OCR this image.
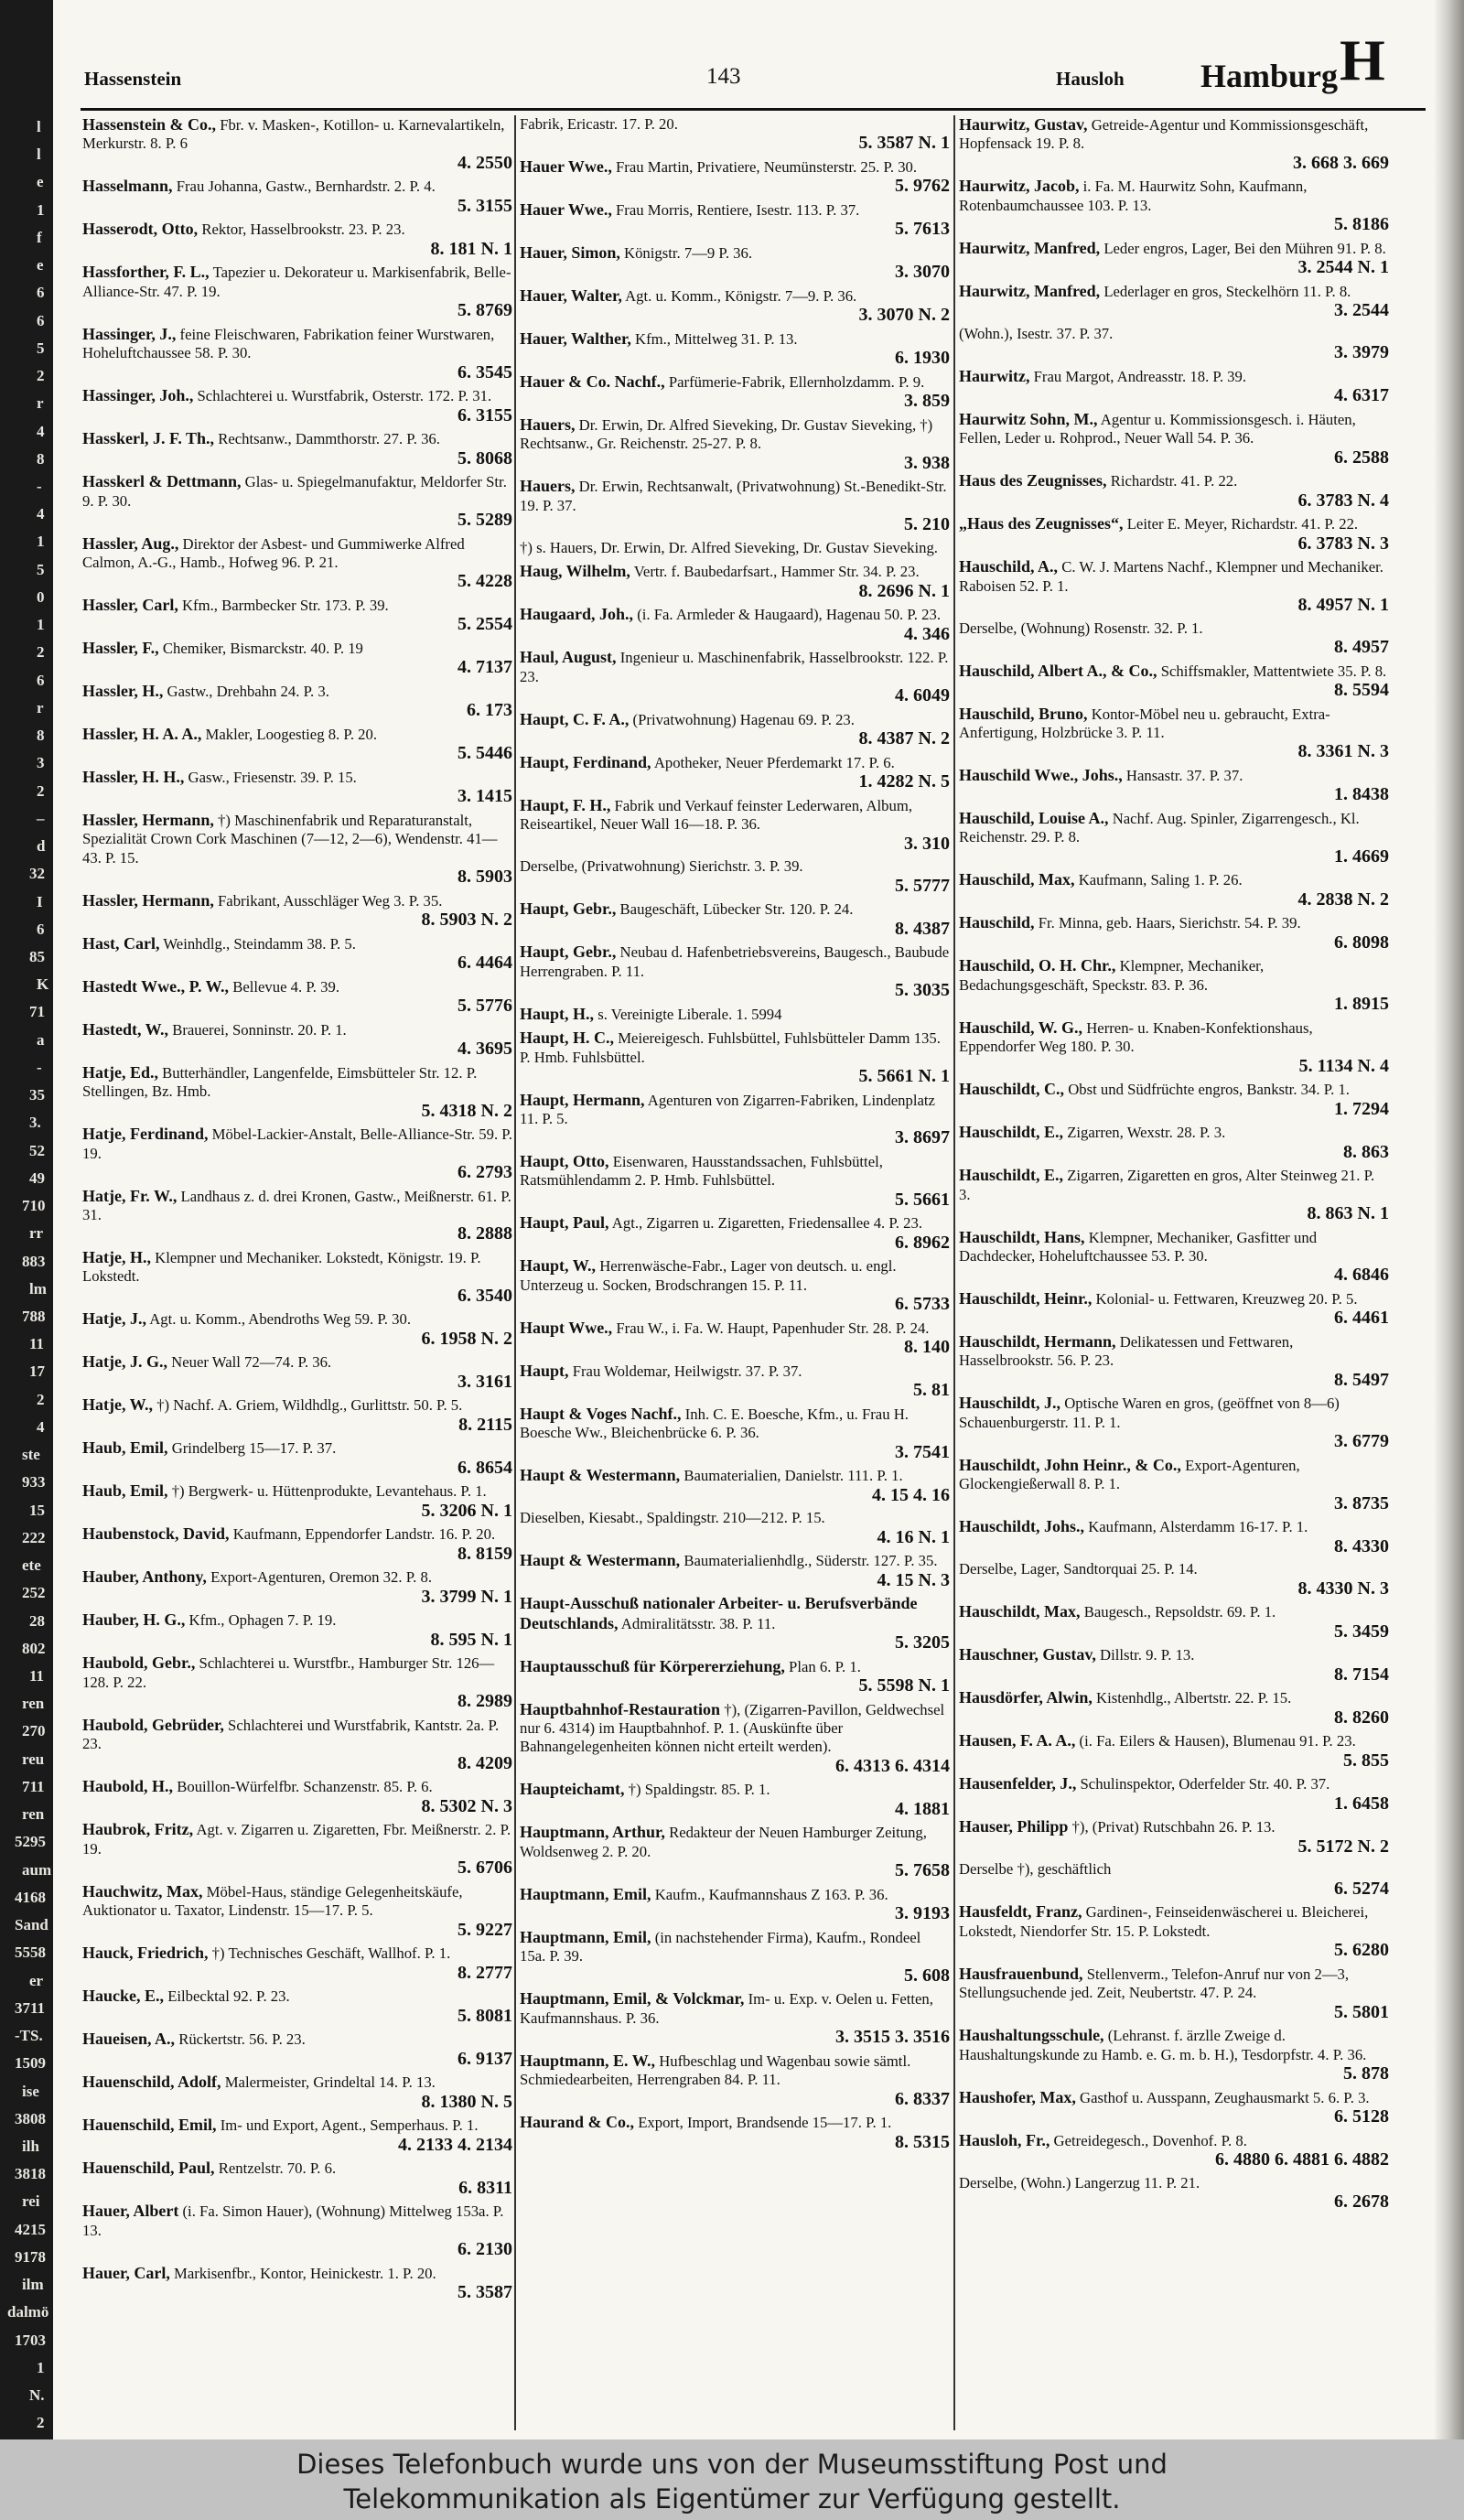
l
l
e
1
f
e
6
6
5
2
r
4
8
-
4
1
5
0
1
2
6
r
8
3
2
–
d
32
I
6
85
K
71
a
-
35
3.
52
49
710
rr
883
lm
788
11
17
2
4
ste
933
15
222
ete
252
28
802
11
ren
270
reu
711
ren
5295
aum
4168
Sand
5558
er
3711
-TS.
1509
ise
3808
ilh
3818
rei
4215
9178
ilm
dalmö
1703
1
N.
2
Hassenstein	143	Hausloh Hamburg H
Hassenstein & Co., Fbr. v. Masken-, Kotillon- u. Karnevalartikeln, Merkurstr. 8. P. 6
4. 2550
Hasselmann, Frau Johanna, Gastw., Bernhardstr. 2. P. 4.
5. 3155
Hasserodt, Otto, Rektor, Hasselbrookstr. 23. P. 23.
8. 181 N. 1
Hassforther, F. L., Tapezier u. Dekorateur u. Markisenfabrik, Belle-Alliance-Str. 47. P. 19.
5. 8769
Hassinger, J., feine Fleischwaren, Fabrikation feiner Wurstwaren, Hoheluftchaussee 58. P. 30.
6. 3545
Hassinger, Joh., Schlachterei u. Wurstfabrik, Osterstr. 172. P. 31.
6. 3155
Hasskerl, J. F. Th., Rechtsanw., Dammthorstr. 27. P. 36.
5. 8068
Hasskerl & Dettmann, Glas- u. Spiegelmanufaktur, Meldorfer Str. 9. P. 30.
5. 5289
Hassler, Aug., Direktor der Asbest- und Gummiwerke Alfred Calmon, A.-G., Hamb., Hofweg 96. P. 21.
5. 4228
Hassler, Carl, Kfm., Barmbecker Str. 173. P. 39.
5. 2554
Hassler, F., Chemiker, Bismarckstr. 40. P. 19
4. 7137
Hassler, H., Gastw., Drehbahn 24. P. 3.
6. 173
Hassler, H. A. A., Makler, Loogestieg 8. P. 20.
5. 5446
Hassler, H. H., Gasw., Friesenstr. 39. P. 15.
3. 1415
Hassler, Hermann, †) Maschinenfabrik und Reparaturanstalt, Spezialität Crown Cork Maschinen (7—12, 2—6), Wendenstr. 41—43. P. 15.
8. 5903
Hassler, Hermann, Fabrikant, Ausschläger Weg 3. P. 35.
8. 5903 N. 2
Hast, Carl, Weinhdlg., Steindamm 38. P. 5.
6. 4464
Hastedt Wwe., P. W., Bellevue 4. P. 39.
5. 5776
Hastedt, W., Brauerei, Sonninstr. 20. P. 1.
4. 3695
Hatje, Ed., Butterhändler, Langenfelde, Eimsbütteler Str. 12. P. Stellingen, Bz. Hmb.
5. 4318 N. 2
Hatje, Ferdinand, Möbel-Lackier-Anstalt, Belle-Alliance-Str. 59. P. 19.
6. 2793
Hatje, Fr. W., Landhaus z. d. drei Kronen, Gastw., Meißnerstr. 61. P. 31.
8. 2888
Hatje, H., Klempner und Mechaniker. Lokstedt, Königstr. 19. P. Lokstedt.
6. 3540
Hatje, J., Agt. u. Komm., Abendroths Weg 59. P. 30.
6. 1958 N. 2
Hatje, J. G., Neuer Wall 72—74. P. 36.
3. 3161
Hatje, W., †) Nachf. A. Griem, Wildhdlg., Gurlittstr. 50. P. 5.
8. 2115
Haub, Emil, Grindelberg 15—17. P. 37.
6. 8654
Haub, Emil, †) Bergwerk- u. Hüttenprodukte, Levantehaus. P. 1.
5. 3206 N. 1
Haubenstock, David, Kaufmann, Eppendorfer Landstr. 16. P. 20.
8. 8159
Hauber, Anthony, Export-Agenturen, Oremon 32. P. 8.
3. 3799 N. 1
Hauber, H. G., Kfm., Ophagen 7. P. 19.
8. 595 N. 1
Haubold, Gebr., Schlachterei u. Wurstfbr., Hamburger Str. 126—128. P. 22.
8. 2989
Haubold, Gebrüder, Schlachterei und Wurstfabrik, Kantstr. 2a. P. 23.
8. 4209
Haubold, H., Bouillon-Würfelfbr. Schanzenstr. 85. P. 6.
8. 5302 N. 3
Haubrok, Fritz, Agt. v. Zigarren u. Zigaretten, Fbr. Meißnerstr. 2. P. 19.
5. 6706
Hauchwitz, Max, Möbel-Haus, ständige Gelegenheitskäufe, Auktionator u. Taxator, Lindenstr. 15—17. P. 5.
5. 9227
Hauck, Friedrich, †) Technisches Geschäft, Wallhof. P. 1.
8. 2777
Haucke, E., Eilbecktal 92. P. 23.
5. 8081
Haueisen, A., Rückertstr. 56. P. 23.
6. 9137
Hauenschild, Adolf, Malermeister, Grindeltal 14. P. 13.
8. 1380 N. 5
Hauenschild, Emil, Im- und Export, Agent., Semperhaus. P. 1.
4. 2133 4. 2134
Hauenschild, Paul, Rentzelstr. 70. P. 6.
6. 8311
Hauer, Albert (i. Fa. Simon Hauer), (Wohnung) Mittelweg 153a. P. 13.
6. 2130
Hauer, Carl, Markisenfbr., Kontor, Heinickestr. 1. P. 20.
5. 3587
Fabrik, Ericastr. 17. P. 20.
5. 3587 N. 1
Hauer Wwe., Frau Martin, Privatiere, Neumünsterstr. 25. P. 30.
5. 9762
Hauer Wwe., Frau Morris, Rentiere, Isestr. 113. P. 37.
5. 7613
Hauer, Simon, Königstr. 7—9 P. 36.
3. 3070
Hauer, Walter, Agt. u. Komm., Königstr. 7—9. P. 36.
3. 3070 N. 2
Hauer, Walther, Kfm., Mittelweg 31. P. 13.
6. 1930
Hauer & Co. Nachf., Parfümerie-Fabrik, Ellernholzdamm. P. 9.
3. 859
Hauers, Dr. Erwin, Dr. Alfred Sieveking, Dr. Gustav Sieveking, †) Rechtsanw., Gr. Reichenstr. 25-27. P. 8.
3. 938
Hauers, Dr. Erwin, Rechtsanwalt, (Privatwohnung) St.-Benedikt-Str. 19. P. 37.
5. 210
†) s. Hauers, Dr. Erwin, Dr. Alfred Sieveking, Dr. Gustav Sieveking.
Haug, Wilhelm, Vertr. f. Baubedarfsart., Hammer Str. 34. P. 23.
8. 2696 N. 1
Haugaard, Joh., (i. Fa. Armleder & Haugaard), Hagenau 50. P. 23.
4. 346
Haul, August, Ingenieur u. Maschinenfabrik, Hasselbrookstr. 122. P. 23.
4. 6049
Haupt, C. F. A., (Privatwohnung) Hagenau 69. P. 23.
8. 4387 N. 2
Haupt, Ferdinand, Apotheker, Neuer Pferdemarkt 17. P. 6.
1. 4282 N. 5
Haupt, F. H., Fabrik und Verkauf feinster Lederwaren, Album, Reiseartikel, Neuer Wall 16—18. P. 36.
3. 310
Derselbe, (Privatwohnung) Sierichstr. 3. P. 39.
5. 5777
Haupt, Gebr., Baugeschäft, Lübecker Str. 120. P. 24.
8. 4387
Haupt, Gebr., Neubau d. Hafenbetriebsvereins, Baugesch., Baubude Herrengraben. P. 11.
5. 3035
Haupt, H., s. Vereinigte Liberale. 1. 5994
Haupt, H. C., Meiereigesch. Fuhlsbüttel, Fuhlsbütteler Damm 135. P. Hmb. Fuhlsbüttel.
5. 5661 N. 1
Haupt, Hermann, Agenturen von Zigarren-Fabriken, Lindenplatz 11. P. 5.
3. 8697
Haupt, Otto, Eisenwaren, Hausstandssachen, Fuhlsbüttel, Ratsmühlendamm 2. P. Hmb. Fuhlsbüttel.
5. 5661
Haupt, Paul, Agt., Zigarren u. Zigaretten, Friedensallee 4. P. 23.
6. 8962
Haupt, W., Herrenwäsche-Fabr., Lager von deutsch. u. engl. Unterzeug u. Socken, Brodschrangen 15. P. 11.
6. 5733
Haupt Wwe., Frau W., i. Fa. W. Haupt, Papenhuder Str. 28. P. 24.
8. 140
Haupt, Frau Woldemar, Heilwigstr. 37. P. 37.
5. 81
Haupt & Voges Nachf., Inh. C. E. Boesche, Kfm., u. Frau H. Boesche Ww., Bleichenbrücke 6. P. 36.
3. 7541
Haupt & Westermann, Baumaterialien, Danielstr. 111. P. 1.
4. 15 4. 16
Dieselben, Kiesabt., Spaldingstr. 210—212. P. 15.
4. 16 N. 1
Haupt & Westermann, Baumaterialienhdlg., Süderstr. 127. P. 35.
4. 15 N. 3
Haupt-Ausschuß nationaler Arbeiter- u. Berufsverbände Deutschlands, Admiralitätsstr. 38. P. 11.
5. 3205
Hauptausschuß für Körpererziehung, Plan 6. P. 1.
5. 5598 N. 1
Hauptbahnhof-Restauration †), (Zigarren-Pavillon, Geldwechsel nur 6. 4314) im Hauptbahnhof. P. 1. (Auskünfte über Bahnangelegenheiten können nicht erteilt werden).
6. 4313 6. 4314
Haupteichamt, †) Spaldingstr. 85. P. 1.
4. 1881
Hauptmann, Arthur, Redakteur der Neuen Hamburger Zeitung, Woldsenweg 2. P. 20.
5. 7658
Hauptmann, Emil, Kaufm., Kaufmannshaus Z 163. P. 36.
3. 9193
Hauptmann, Emil, (in nachstehender Firma), Kaufm., Rondeel 15a. P. 39.
5. 608
Hauptmann, Emil, & Volckmar, Im- u. Exp. v. Oelen u. Fetten, Kaufmannshaus. P. 36.
3. 3515 3. 3516
Hauptmann, E. W., Hufbeschlag und Wagenbau sowie sämtl. Schmiedearbeiten, Herrengraben 84. P. 11.
6. 8337
Haurand & Co., Export, Import, Brandsende 15—17. P. 1.
8. 5315
Haurwitz, Gustav, Getreide-Agentur und Kommissionsgeschäft, Hopfensack 19. P. 8.
3. 668 3. 669
Haurwitz, Jacob, i. Fa. M. Haurwitz Sohn, Kaufmann, Rotenbaumchaussee 103. P. 13.
5. 8186
Haurwitz, Manfred, Leder engros, Lager, Bei den Mühren 91. P. 8.
3. 2544 N. 1
Haurwitz, Manfred, Lederlager en gros, Steckelhörn 11. P. 8.
3. 2544
(Wohn.), Isestr. 37. P. 37.
3. 3979
Haurwitz, Frau Margot, Andreasstr. 18. P. 39.
4. 6317
Haurwitz Sohn, M., Agentur u. Kommissionsgesch. i. Häuten, Fellen, Leder u. Rohprod., Neuer Wall 54. P. 36.
6. 2588
Haus des Zeugnisses, Richardstr. 41. P. 22.
6. 3783 N. 4
„Haus des Zeugnisses“, Leiter E. Meyer, Richardstr. 41. P. 22.
6. 3783 N. 3
Hauschild, A., C. W. J. Martens Nachf., Klempner und Mechaniker. Raboisen 52. P. 1.
8. 4957 N. 1
Derselbe, (Wohnung) Rosenstr. 32. P. 1.
8. 4957
Hauschild, Albert A., & Co., Schiffsmakler, Mattentwiete 35. P. 8.
8. 5594
Hauschild, Bruno, Kontor-Möbel neu u. gebraucht, Extra-Anfertigung, Holzbrücke 3. P. 11.
8. 3361 N. 3
Hauschild Wwe., Johs., Hansastr. 37. P. 37.
1. 8438
Hauschild, Louise A., Nachf. Aug. Spinler, Zigarrengesch., Kl. Reichenstr. 29. P. 8.
1. 4669
Hauschild, Max, Kaufmann, Saling 1. P. 26.
4. 2838 N. 2
Hauschild, Fr. Minna, geb. Haars, Sierichstr. 54. P. 39.
6. 8098
Hauschild, O. H. Chr., Klempner, Mechaniker, Bedachungsgeschäft, Speckstr. 83. P. 36.
1. 8915
Hauschild, W. G., Herren- u. Knaben-Konfektionshaus, Eppendorfer Weg 180. P. 30.
5. 1134 N. 4
Hauschildt, C., Obst und Südfrüchte engros, Bankstr. 34. P. 1.
1. 7294
Hauschildt, E., Zigarren, Wexstr. 28. P. 3.
8. 863
Hauschildt, E., Zigarren, Zigaretten en gros, Alter Steinweg 21. P. 3.
8. 863 N. 1
Hauschildt, Hans, Klempner, Mechaniker, Gasfitter und Dachdecker, Hoheluftchaussee 53. P. 30.
4. 6846
Hauschildt, Heinr., Kolonial- u. Fettwaren, Kreuzweg 20. P. 5.
6. 4461
Hauschildt, Hermann, Delikatessen und Fettwaren, Hasselbrookstr. 56. P. 23.
8. 5497
Hauschildt, J., Optische Waren en gros, (geöffnet von 8—6) Schauenburgerstr. 11. P. 1.
3. 6779
Hauschildt, John Heinr., & Co., Export-Agenturen, Glockengießerwall 8. P. 1.
3. 8735
Hauschildt, Johs., Kaufmann, Alsterdamm 16-17. P. 1.
8. 4330
Derselbe, Lager, Sandtorquai 25. P. 14.
8. 4330 N. 3
Hauschildt, Max, Baugesch., Repsoldstr. 69. P. 1.
5. 3459
Hauschner, Gustav, Dillstr. 9. P. 13.
8. 7154
Hausdörfer, Alwin, Kistenhdlg., Albertstr. 22. P. 15.
8. 8260
Hausen, F. A. A., (i. Fa. Eilers & Hausen), Blumenau 91. P. 23.
5. 855
Hausenfelder, J., Schulinspektor, Oderfelder Str. 40. P. 37.
1. 6458
Hauser, Philipp †), (Privat) Rutschbahn 26. P. 13.
5. 5172 N. 2
Derselbe †), geschäftlich
6. 5274
Hausfeldt, Franz, Gardinen-, Feinseidenwäscherei u. Bleicherei, Lokstedt, Niendorfer Str. 15. P. Lokstedt.
5. 6280
Hausfrauenbund, Stellenverm., Telefon-Anruf nur von 2—3, Stellungsuchende jed. Zeit, Neubertstr. 47. P. 24.
5. 5801
Haushaltungsschule, (Lehranst. f. ärzlle Zweige d. Haushaltungskunde zu Hamb. e. G. m. b. H.), Tesdorpfstr. 4. P. 36.
5. 878
Haushofer, Max, Gasthof u. Ausspann, Zeughausmarkt 5. 6. P. 3.
6. 5128
Hausloh, Fr., Getreidegesch., Dovenhof. P. 8.
6. 4880 6. 4881 6. 4882
Derselbe, (Wohn.) Langerzug 11. P. 21.
6. 2678
Dieses Telefonbuch wurde uns von der Museumsstiftung Post und
Telekommunikation als Eigentümer zur Verfügung gestellt.
